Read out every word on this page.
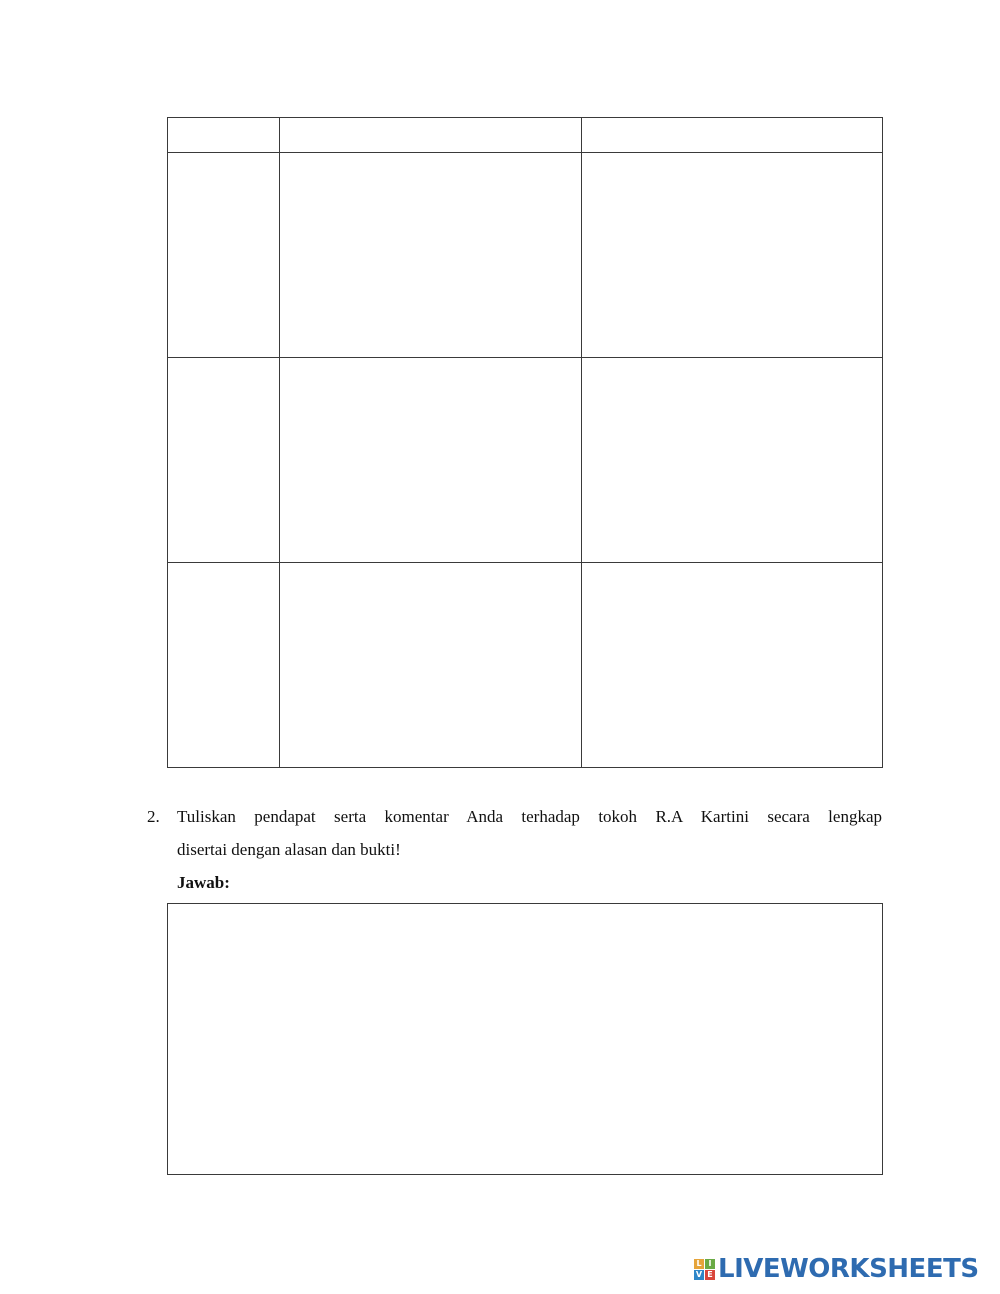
2. Tuliskan pendapat serta komentar Anda terhadap tokoh R.A Kartini secara lengkap
disertai dengan alasan dan bukti!
Jawab:
L I
V E LIVEWORKSHEETS
